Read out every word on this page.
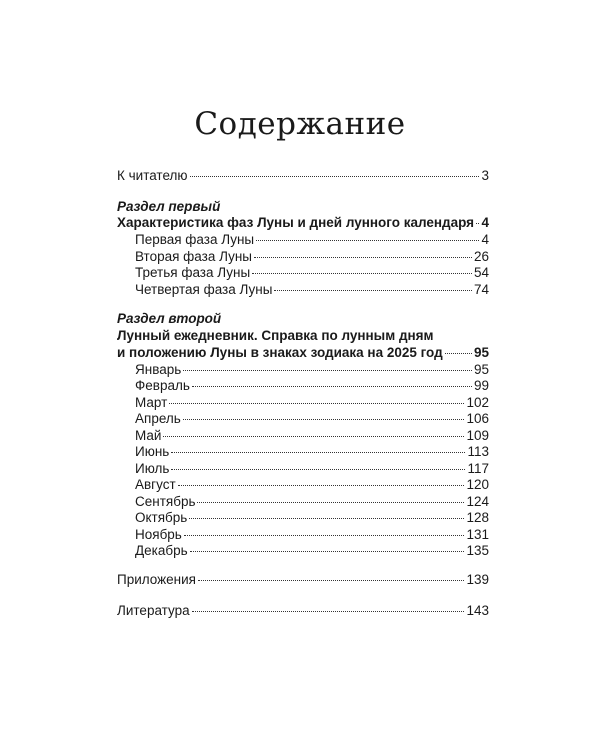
Содержание
К читателю	3
Раздел первый
Характеристика фаз Луны и дней лунного календаря 4
Первая фаза Луны	4
Вторая фаза Луны	26
Третья фаза Луны	54
Четвертая фаза Луны	74
Раздел второй
Лунный ежедневник. Справка по лунным дням
и положению Луны в знаках зодиака на 2025 год 95
Январь	95
Февраль	99
Март	102
Апрель	106
Май	109
Июнь	113
Июль	117
Август	120
Сентябрь	124
Октябрь	128
Ноябрь	131
Декабрь	135
Приложения	139
Литература	143
